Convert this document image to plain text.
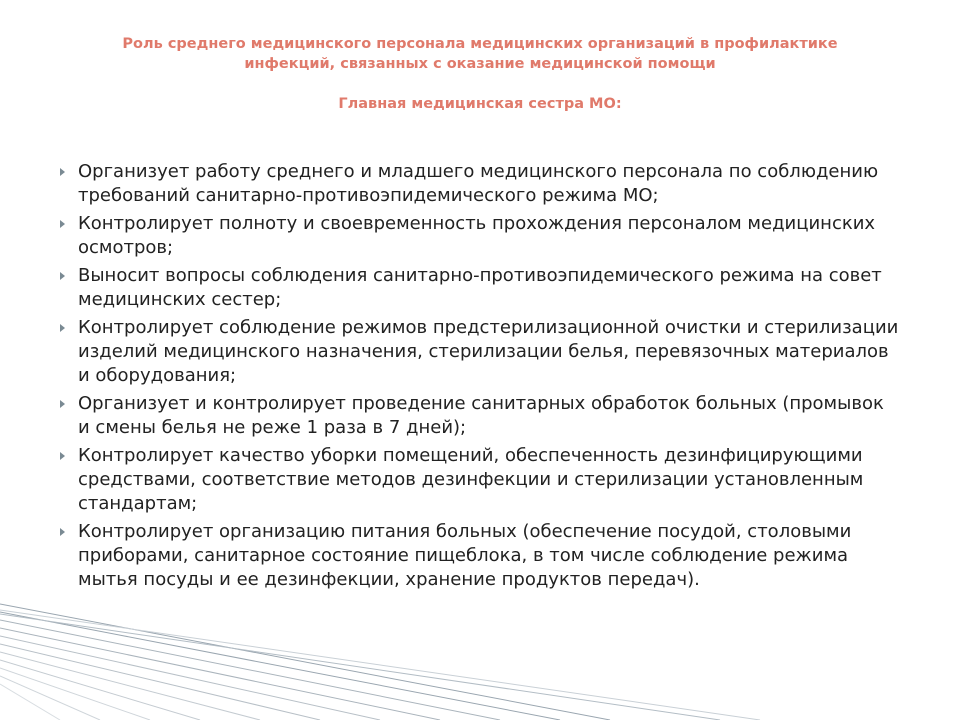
Роль среднего медицинского персонала медицинских организаций в профилактике
инфекций, связанных с оказание медицинской помощи
Главная медицинская сестра МО:
Организует работу среднего и младшего медицинского персонала по соблюдению требований санитарно-противоэпидемического режима МО;
Контролирует полноту и своевременность прохождения персоналом медицинских осмотров;
Выносит вопросы соблюдения санитарно-противоэпидемического режима на совет медицинских сестер;
Контролирует соблюдение режимов предстерилизационной очистки и стерилизации изделий медицинского назначения, стерилизации белья, перевязочных материалов и оборудования;
Организует и контролирует проведение санитарных обработок больных (промывок и смены белья не реже 1 раза в 7 дней);
Контролирует качество уборки помещений, обеспеченность дезинфицирующими средствами, соответствие методов дезинфекции и стерилизации установленным стандартам;
Контролирует организацию питания больных (обеспечение посудой, столовыми приборами, санитарное состояние пищеблока, в том числе соблюдение режима мытья посуды и ее дезинфекции, хранение продуктов передач).
